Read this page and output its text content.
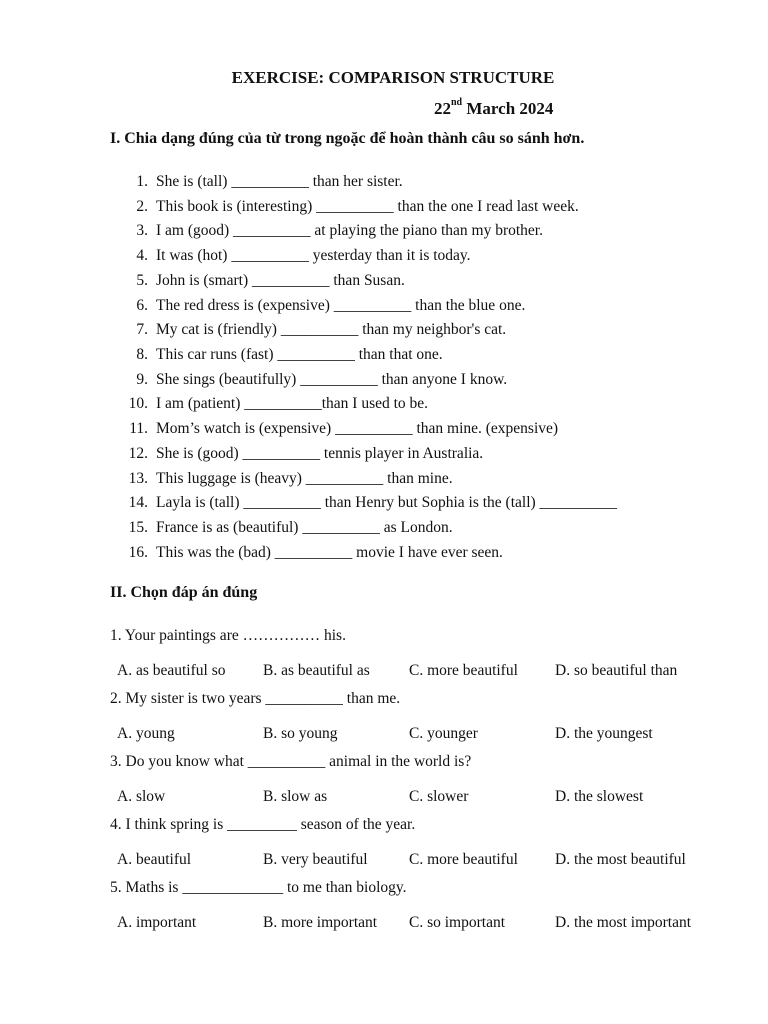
EXERCISE: COMPARISON STRUCTURE
22nd March 2024
I. Chia dạng đúng của từ trong ngoặc để hoàn thành câu so sánh hơn.
1. She is (tall) __________ than her sister.
2. This book is (interesting) __________ than the one I read last week.
3. I am (good) __________ at playing the piano than my brother.
4. It was (hot) __________ yesterday than it is today.
5. John is (smart) __________ than Susan.
6. The red dress is (expensive) __________ than the blue one.
7. My cat is (friendly) __________ than my neighbor's cat.
8. This car runs (fast) __________ than that one.
9. She sings (beautifully) __________ than anyone I know.
10. I am (patient) __________than I used to be.
11. Mom’s watch is (expensive) __________ than mine. (expensive)
12. She is (good) __________ tennis player in Australia.
13. This luggage is (heavy) __________ than mine.
14. Layla is (tall) __________ than Henry but Sophia is the (tall) __________
15. France is as (beautiful) __________ as London.
16. This was the (bad) __________ movie I have ever seen.
II. Chọn đáp án đúng
1. Your paintings are …………… his.
A. as beautiful so B. as beautiful as	C. more beautiful D. so beautiful than
2. My sister is two years __________ than me.
A. young	B. so young	C. younger	D. the youngest
3. Do you know what __________ animal in the world is?
A. slow	B. slow as	C. slower	D. the slowest
4. I think spring is _________ season of the year.
A. beautiful	B. very beautiful	C. more beautiful D. the most beautiful
5. Maths is _____________ to me than biology.
A. important	B. more important C. so important	D. the most important
